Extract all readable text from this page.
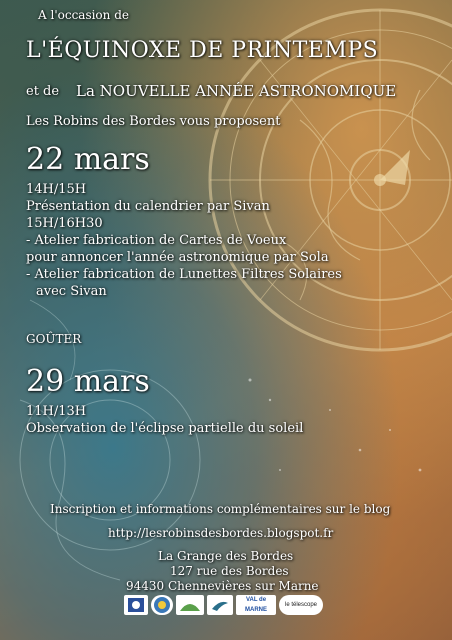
A l'occasion de
L'ÉQUINOXE DE PRINTEMPS
et de La NOUVELLE ANNÉE ASTRONOMIQUE
Les Robins des Bordes vous proposent
22 mars
14H/15H
Présentation du calendrier par Sivan
15H/16H30
- Atelier fabrication de Cartes de Voeux
pour annoncer l'année astronomique par Sola
- Atelier fabrication de Lunettes Filtres Solaires
avec Sivan
GOÛTER
29 mars
11H/13H
Observation de l'éclipse partielle du soleil
Inscription et informations complémentaires sur le blog
http://lesrobinsdesbordes.blogspot.fr
La Grange des Bordes
127 rue des Bordes
94430 Chennevières sur Marne
VAL de MARNE
le télescope
